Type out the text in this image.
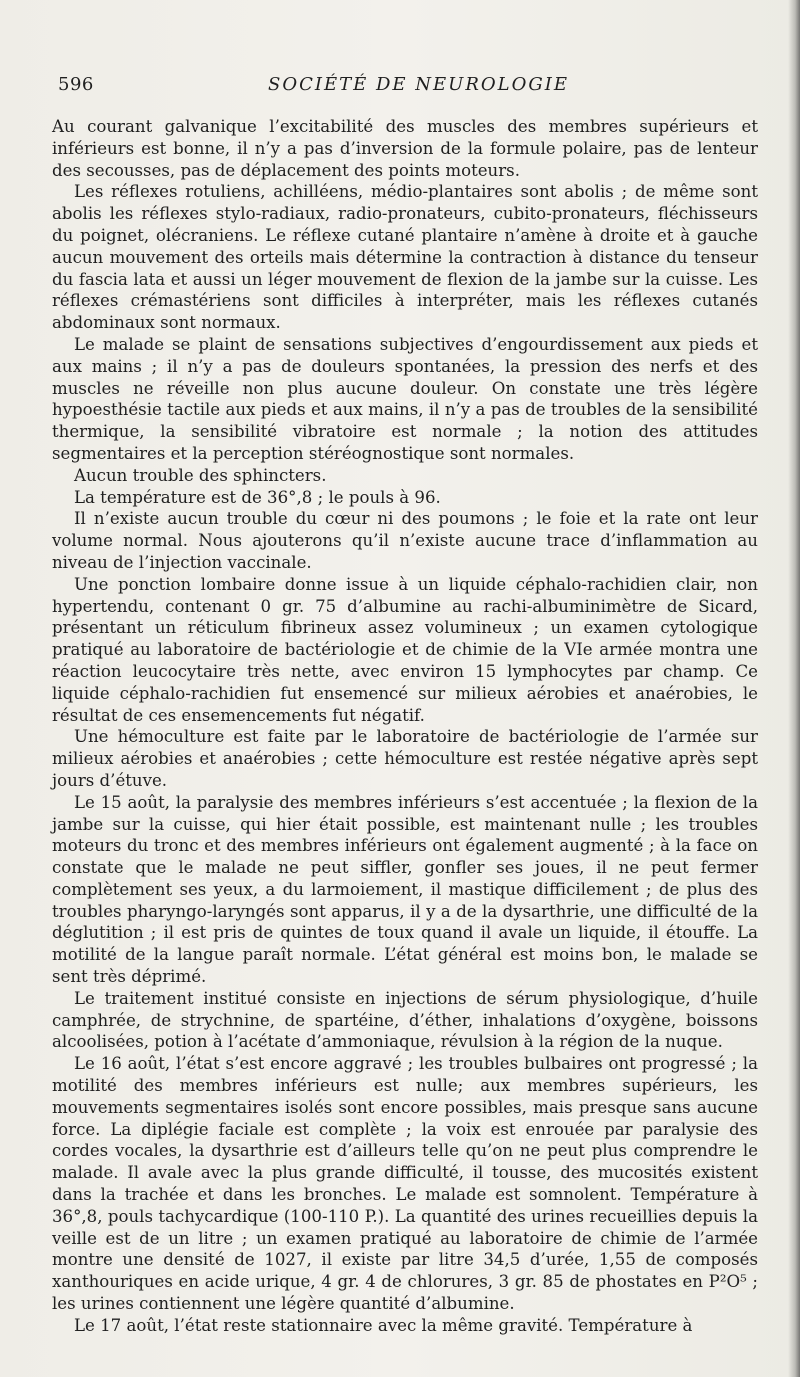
596	SOCIÉTÉ DE NEUROLOGIE

Au courant galvanique l’excitabilité des muscles des membres supérieurs et inférieurs est bonne, il n’y a pas d’inversion de la formule polaire, pas de lenteur des secousses, pas de déplacement des points moteurs.

Les réflexes rotuliens, achilléens, médio-plantaires sont abolis ; de même sont abolis les réflexes stylo-radiaux, radio-pronateurs, cubito-pronateurs, fléchisseurs du poignet, olécraniens. Le réflexe cutané plantaire n’amène à droite et à gauche aucun mouvement des orteils mais détermine la contraction à distance du tenseur du fascia lata et aussi un léger mouvement de flexion de la jambe sur la cuisse. Les réflexes crémastériens sont difficiles à interpréter, mais les réflexes cutanés abdominaux sont normaux.

Le malade se plaint de sensations subjectives d’engourdissement aux pieds et aux mains ; il n’y a pas de douleurs spontanées, la pression des nerfs et des muscles ne réveille non plus aucune douleur. On constate une très légère hypoesthésie tactile aux pieds et aux mains, il n’y a pas de troubles de la sensibilité thermique, la sensibilité vibratoire est normale ; la notion des attitudes segmentaires et la perception stéréognostique sont normales.

Aucun trouble des sphincters.

La température est de 36°,8 ; le pouls à 96.

Il n’existe aucun trouble du cœur ni des poumons ; le foie et la rate ont leur volume normal. Nous ajouterons qu’il n’existe aucune trace d’inflammation au niveau de l’injection vaccinale.

Une ponction lombaire donne issue à un liquide céphalo-rachidien clair, non hypertendu, contenant 0 gr. 75 d’albumine au rachi-albuminimètre de Sicard, présentant un réticulum fibrineux assez volumineux ; un examen cytologique pratiqué au laboratoire de bactériologie et de chimie de la VIe armée montra une réaction leucocytaire très nette, avec environ 15 lymphocytes par champ. Ce liquide céphalo-rachidien fut ensemencé sur milieux aérobies et anaérobies, le résultat de ces ensemencements fut négatif.

Une hémoculture est faite par le laboratoire de bactériologie de l’armée sur milieux aérobies et anaérobies ; cette hémoculture est restée négative après sept jours d’étuve.

Le 15 août, la paralysie des membres inférieurs s’est accentuée ; la flexion de la jambe sur la cuisse, qui hier était possible, est maintenant nulle ; les troubles moteurs du tronc et des membres inférieurs ont également augmenté ; à la face on constate que le malade ne peut siffler, gonfler ses joues, il ne peut fermer complètement ses yeux, a du larmoiement, il mastique difficilement ; de plus des troubles pharyngo-laryngés sont apparus, il y a de la dysarthrie, une difficulté de la déglutition ; il est pris de quintes de toux quand il avale un liquide, il étouffe. La motilité de la langue paraît normale. L’état général est moins bon, le malade se sent très déprimé.

Le traitement institué consiste en injections de sérum physiologique, d’huile camphrée, de strychnine, de spartéine, d’éther, inhalations d’oxygène, boissons alcoolisées, potion à l’acétate d’ammoniaque, révulsion à la région de la nuque.

Le 16 août, l’état s’est encore aggravé ; les troubles bulbaires ont progressé ; la motilité des membres inférieurs est nulle; aux membres supérieurs, les mouvements segmentaires isolés sont encore possibles, mais presque sans aucune force. La diplégie faciale est complète ; la voix est enrouée par paralysie des cordes vocales, la dysarthrie est d’ailleurs telle qu’on ne peut plus comprendre le malade. Il avale avec la plus grande difficulté, il tousse, des mucosités existent dans la trachée et dans les bronches. Le malade est somnolent. Température à 36°,8, pouls tachycardique (100-110 P.). La quantité des urines recueillies depuis la veille est de un litre ; un examen pratiqué au laboratoire de chimie de l’armée montre une densité de 1027, il existe par litre 34,5 d’urée, 1,55 de composés xanthouriques en acide urique, 4 gr. 4 de chlorures, 3 gr. 85 de phostates en P²O⁵ ; les urines contiennent une légère quantité d’albumine.

Le 17 août, l’état reste stationnaire avec la même gravité. Température à
